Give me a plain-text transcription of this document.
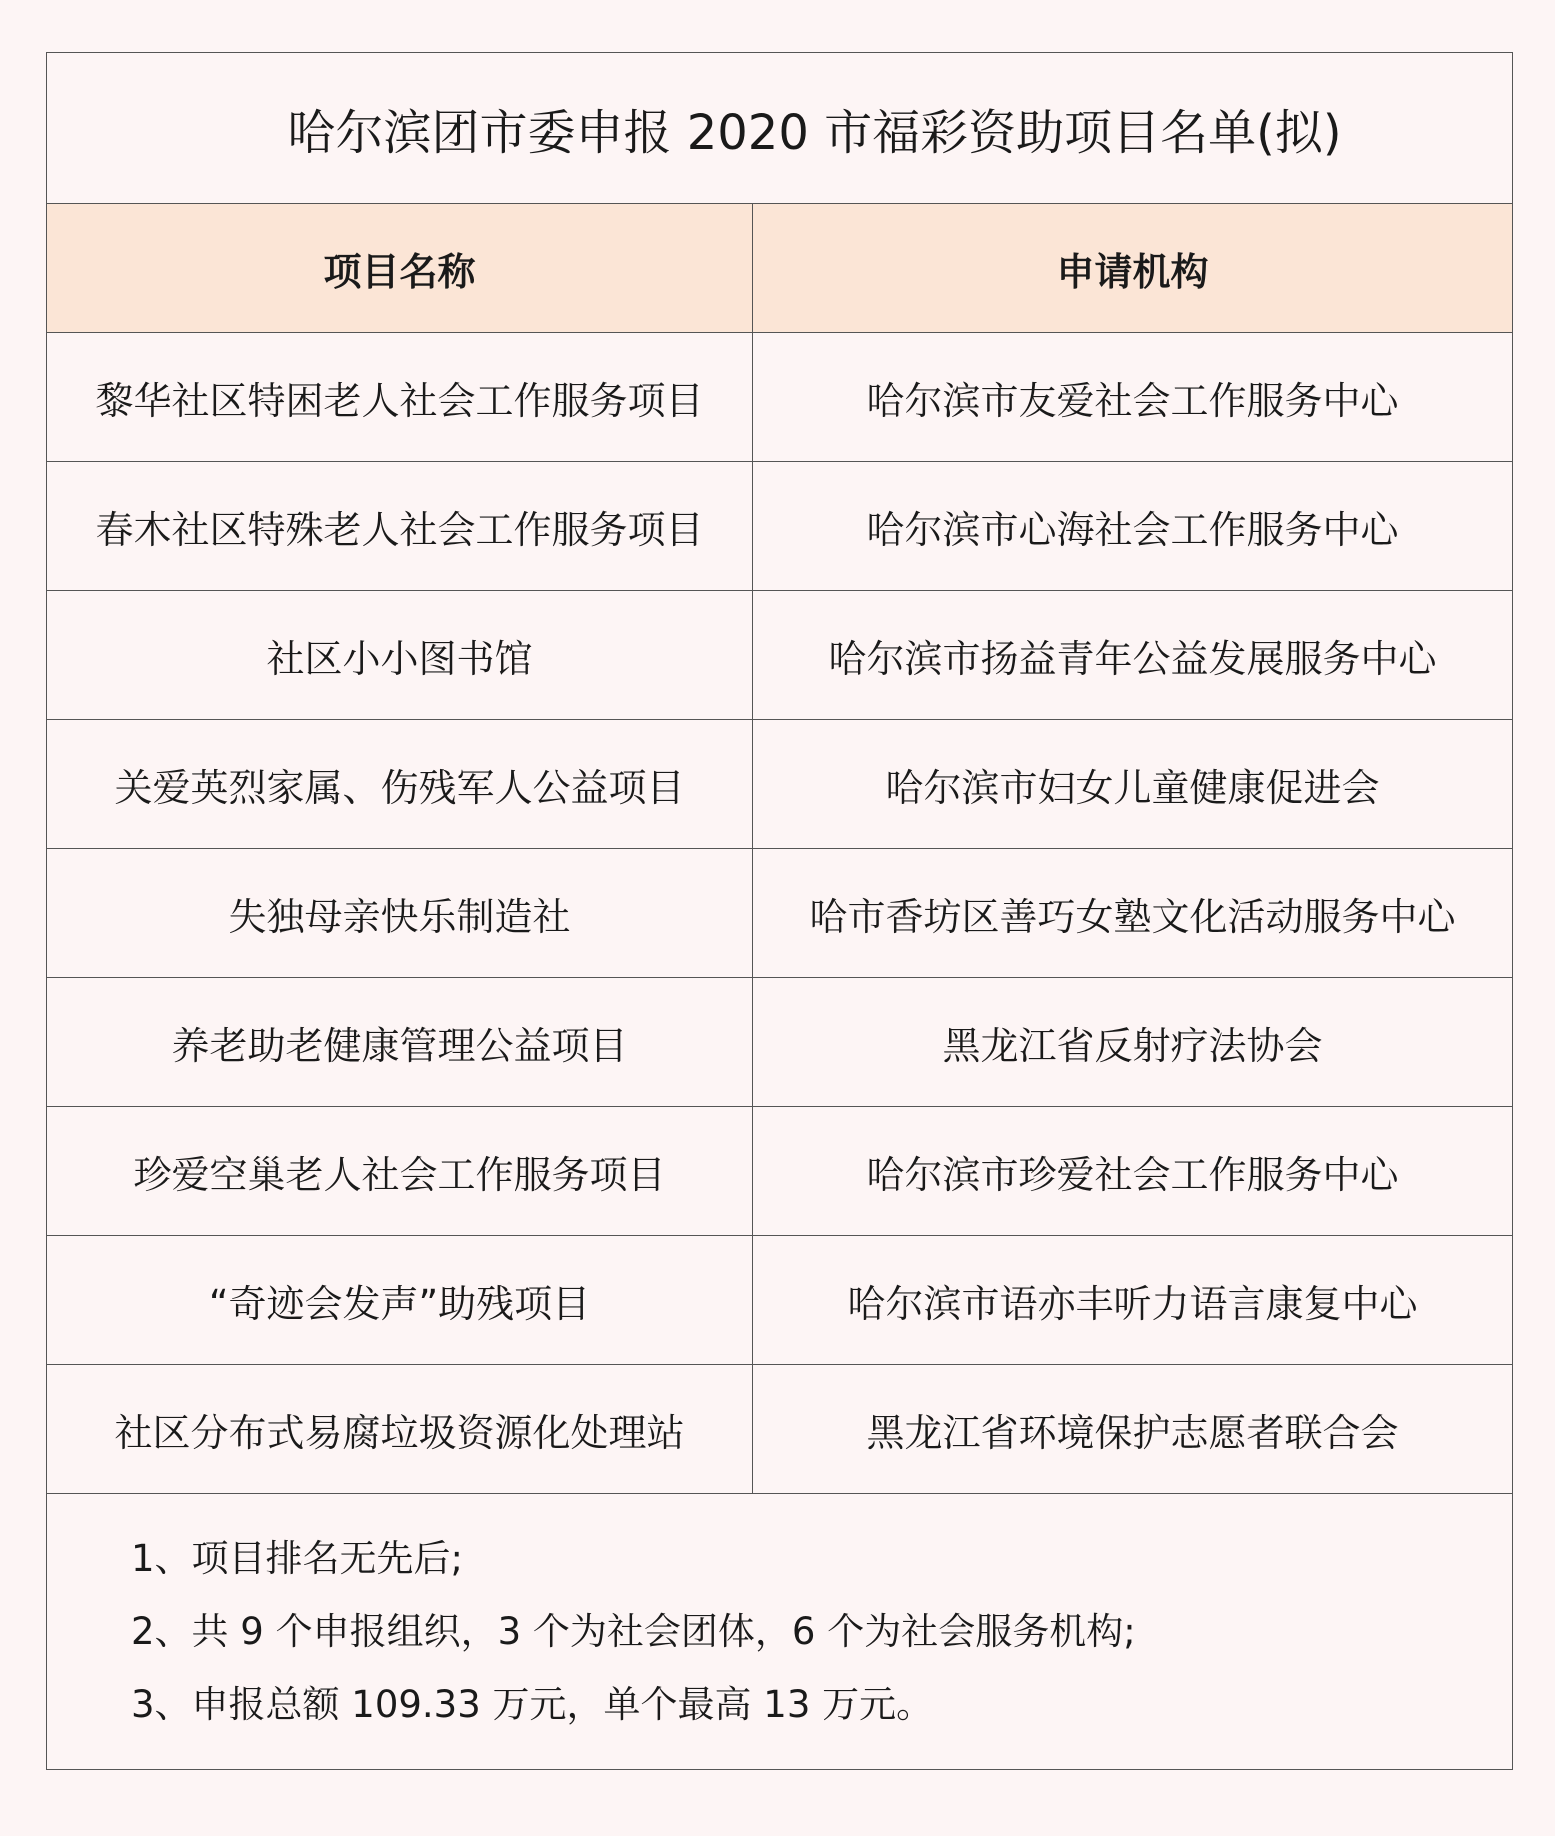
哈尔滨团市委申报 2020 市福彩资助项目名单(拟)	
项目名称	申请机构
黎华社区特困老人社会工作服务项目	哈尔滨市友爱社会工作服务中心
春木社区特殊老人社会工作服务项目	哈尔滨市心海社会工作服务中心
社区小小图书馆	哈尔滨市扬益青年公益发展服务中心
关爱英烈家属、伤残军人公益项目	哈尔滨市妇女儿童健康促进会
失独母亲快乐制造社	哈市香坊区善巧女塾文化活动服务中心
养老助老健康管理公益项目	黑龙江省反射疗法协会
珍爱空巢老人社会工作服务项目	哈尔滨市珍爱社会工作服务中心
“奇迹会发声”助残项目	哈尔滨市语亦丰听力语言康复中心
社区分布式易腐垃圾资源化处理站	黑龙江省环境保护志愿者联合会

1、项目排名无先后;
2、共 9 个申报组织，3 个为社会团体，6 个为社会服务机构;
3、申报总额 109.33 万元，单个最高 13 万元。	
